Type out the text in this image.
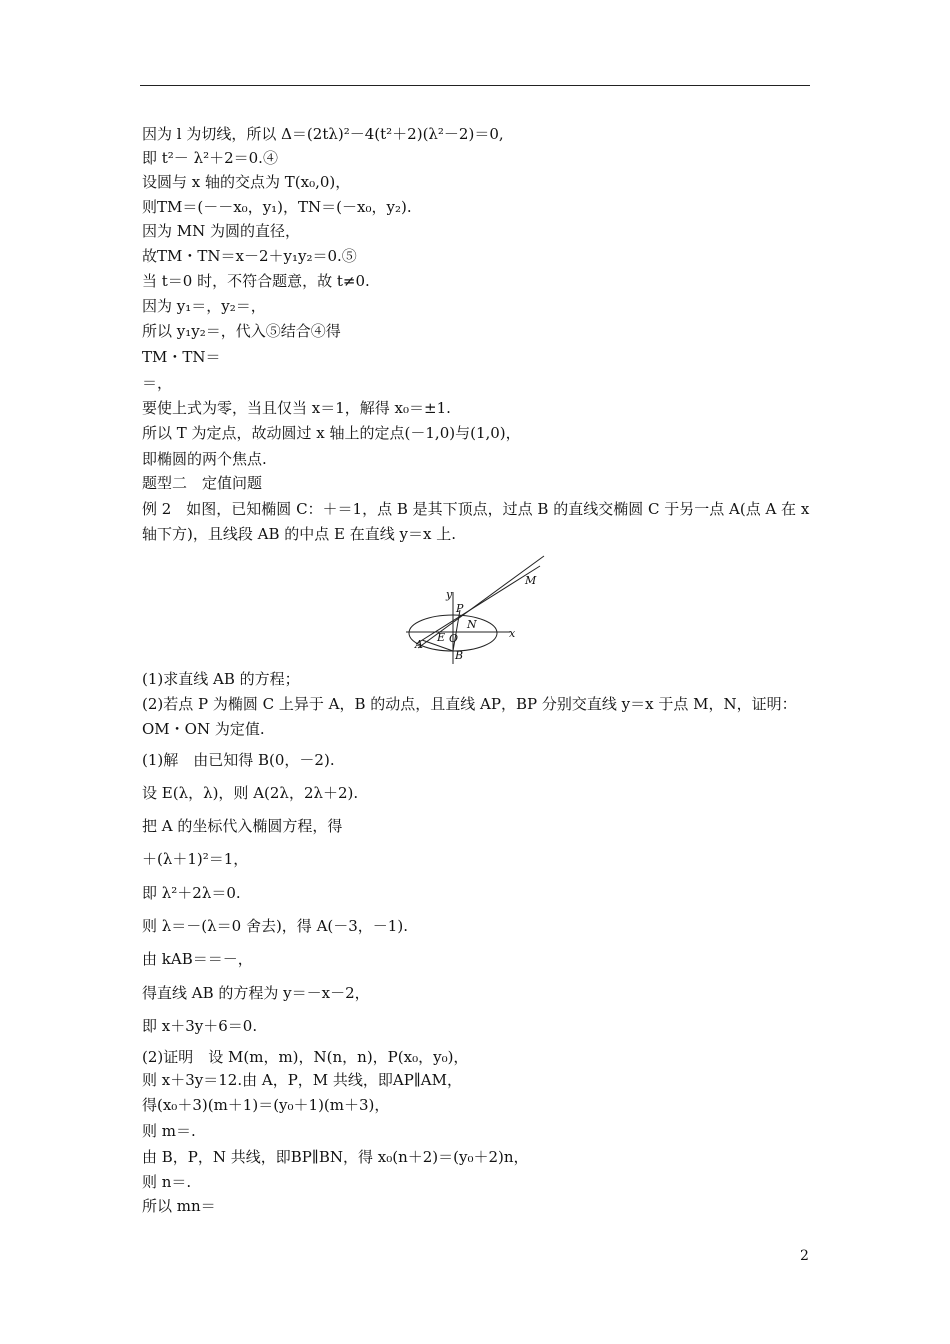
因为 l 为切线，所以 Δ＝(2tλ)²－4(t²＋2)(λ²－2)＝0,
即 t²－ λ²＋2＝0.④
设圆与 x 轴的交点为 T(x₀,0)，
则TM＝(－－x₀，y₁)，TN＝(－x₀，y₂).
因为 MN 为圆的直径，
故TM・TN＝x－2＋y₁y₂＝0.⑤
当 t＝0 时，不符合题意，故 t≠0.
因为 y₁＝，y₂＝，
所以 y₁y₂＝，代入⑤结合④得
TM・TN＝
＝，
要使上式为零，当且仅当 x＝1，解得 x₀＝±1.
所以 T 为定点，故动圆过 x 轴上的定点(－1,0)与(1,0)，
即椭圆的两个焦点.
题型二　定值问题
例 2　如图，已知椭圆 C：＋＝1，点 B 是其下顶点，过点 B 的直线交椭圆 C 于另一点 A(点 A 在 x
轴下方)，且线段 AB 的中点 E 在直线 y＝x 上.
(1)求直线 AB 的方程；
(2)若点 P 为椭圆 C 上异于 A，B 的动点，且直线 AP，BP 分别交直线 y＝x 于点 M，N，证明：
OM・ON 为定值.
(1)解　由已知得 B(0，－2).
设 E(λ，λ)，则 A(2λ，2λ＋2).
把 A 的坐标代入椭圆方程，得
＋(λ＋1)²＝1，
即 λ²＋2λ＝0.
则 λ＝－(λ＝0 舍去)，得 A(－3，－1).
由 kAB＝＝－，
得直线 AB 的方程为 y＝－x－2，
即 x＋3y＋6＝0.
(2)证明　设 M(m，m)，N(n，n)，P(x₀，y₀)，
则 x＋3y＝12.由 A，P，M 共线，即AP∥AM，
得(x₀＋3)(m＋1)＝(y₀＋1)(m＋3)，
则 m＝.
由 B，P，N 共线，即BP∥BN，得 x₀(n＋2)＝(y₀＋2)n，
则 n＝.
所以 mn＝
y
x
P
M
N
E O
A
B
2
